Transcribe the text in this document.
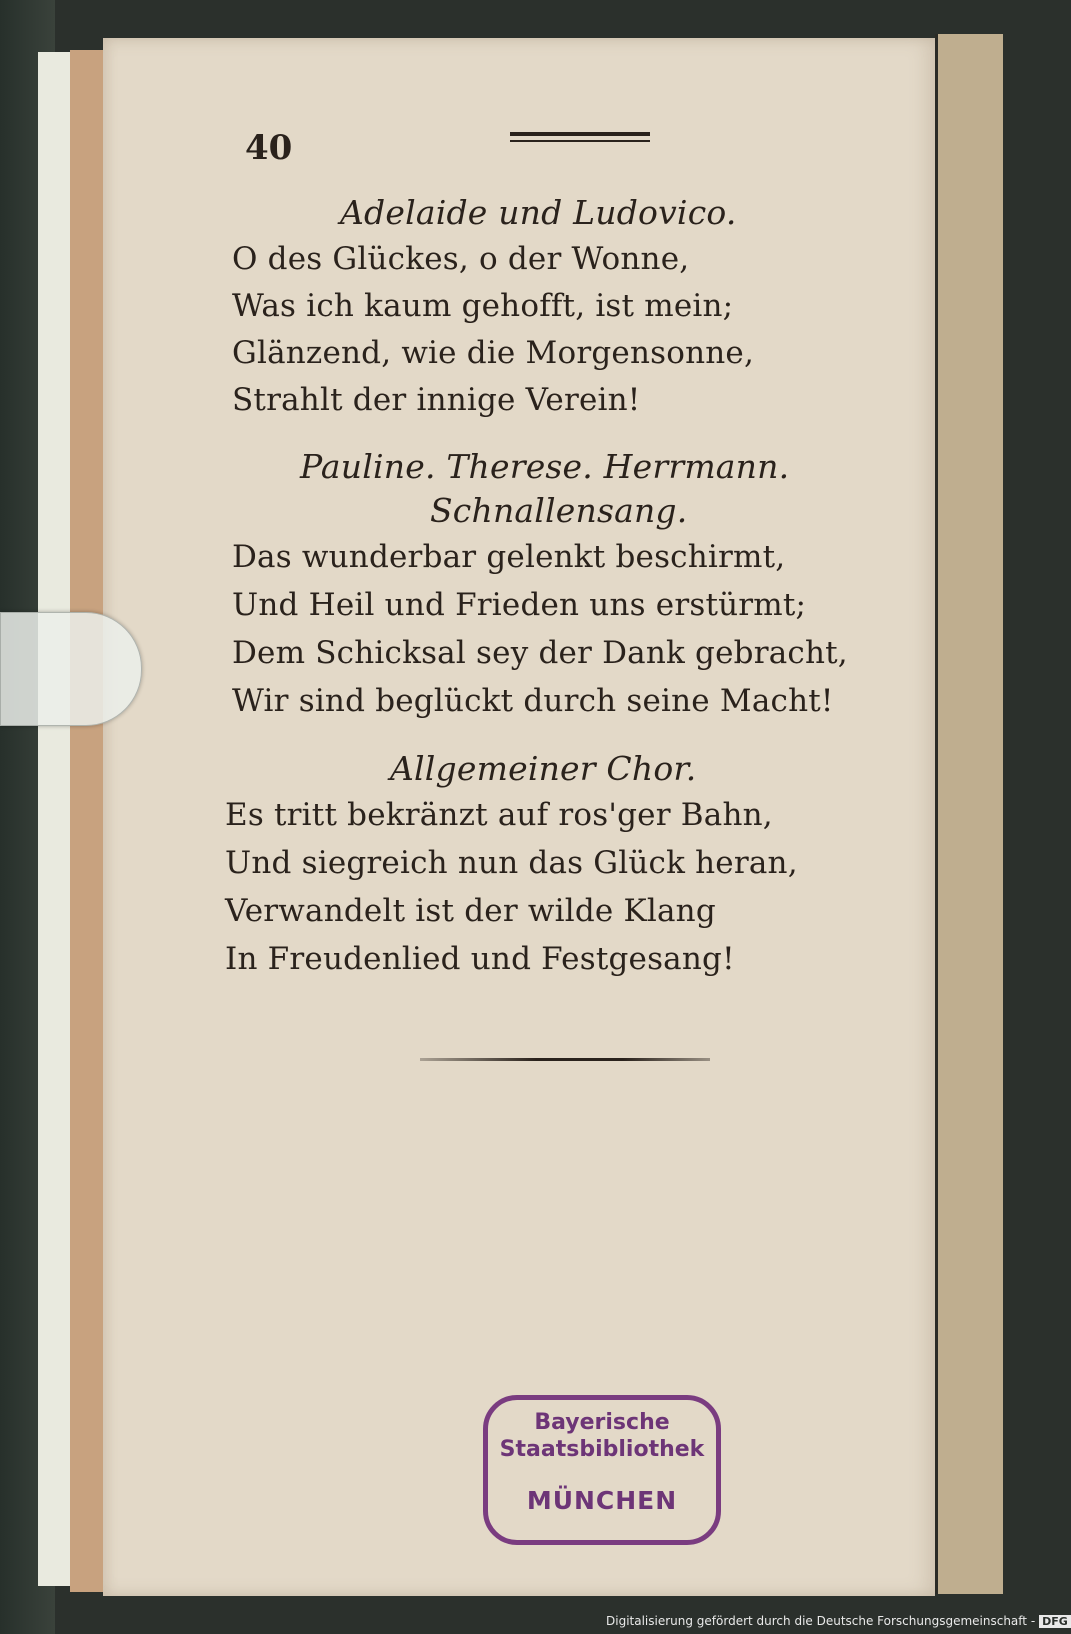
40
Adelaide und Ludovico.
O des Glückes, o der Wonne,
Was ich kaum gehofft, ist mein;
Glänzend, wie die Morgensonne,
Strahlt der innige Verein!
Pauline. Therese. Herrmann.
Schnallensang.
Das wunderbar gelenkt beschirmt,
Und Heil und Frieden uns erstürmt;
Dem Schicksal sey der Dank gebracht,
Wir sind beglückt durch seine Macht!
Allgemeiner Chor.
Es tritt bekränzt auf ros'ger Bahn,
Und siegreich nun das Glück heran,
Verwandelt ist der wilde Klang
In Freudenlied und Festgesang!
Bayerische
Staatsbibliothek
MÜNCHEN
Digitalisierung gefördert durch die Deutsche Forschungsgemeinschaft - DFG
